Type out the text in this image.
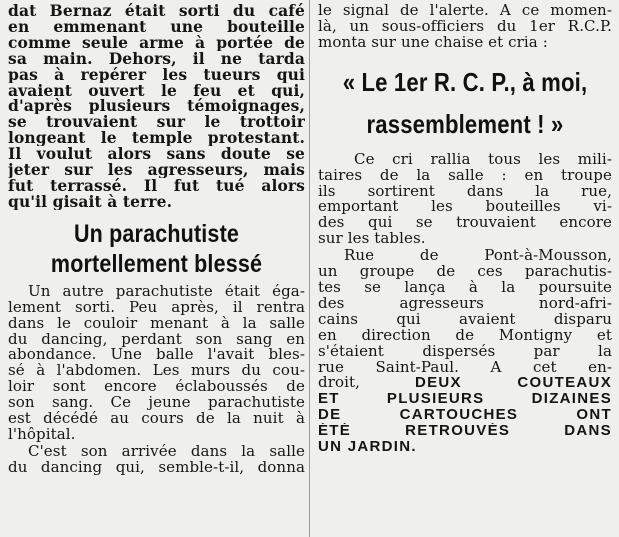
dat Bernaz était sorti du café
en emmenant une bouteille
comme seule arme à portée de
sa main. Dehors, il ne tarda
pas à repérer les tueurs qui
avaient ouvert le feu et qui,
d'après plusieurs témoignages,
se trouvaient sur le trottoir
longeant le temple protestant.
Il voulut alors sans doute se
jeter sur les agresseurs, mais
fut terrassé. Il fut tué alors
qu'il gisait à terre.
Un parachutiste
mortellement blessé
Un autre parachutiste était éga-
lement sorti. Peu après, il rentra
dans le couloir menant à la salle
du dancing, perdant son sang en
abondance. Une balle l'avait bles-
sé à l'abdomen. Les murs du cou-
loir sont encore éclaboussés de
son sang. Ce jeune parachutiste
est décédé au cours de la nuit à
l'hôpital.
C'est son arrivée dans la salle
du dancing qui, semble-t-il, donna
le signal de l'alerte. A ce momen-
là, un sous-officiers du 1er R.C.P.
monta sur une chaise et cria :
« Le 1er R. C. P., à moi,
rassemblement ! »
Ce cri rallia tous les mili-
taires de la salle : en troupe
ils sortirent dans la rue,
emportant les bouteilles vi-
des qui se trouvaient encore
sur les tables.
Rue de Pont-à-Mousson,
un groupe de ces parachutis-
tes se lança à la poursuite
des agresseurs nord-afri-
cains qui avaient disparu
en direction de Montigny et
s'étaient dispersés par la
rue Saint-Paul. A cet en-
droit,	DEUX COUTEAUX
ET PLUSIEURS DIZAINES
DE CARTOUCHES ONT
ÉTÉ RETROUVÉS DANS
UN JARDIN.
